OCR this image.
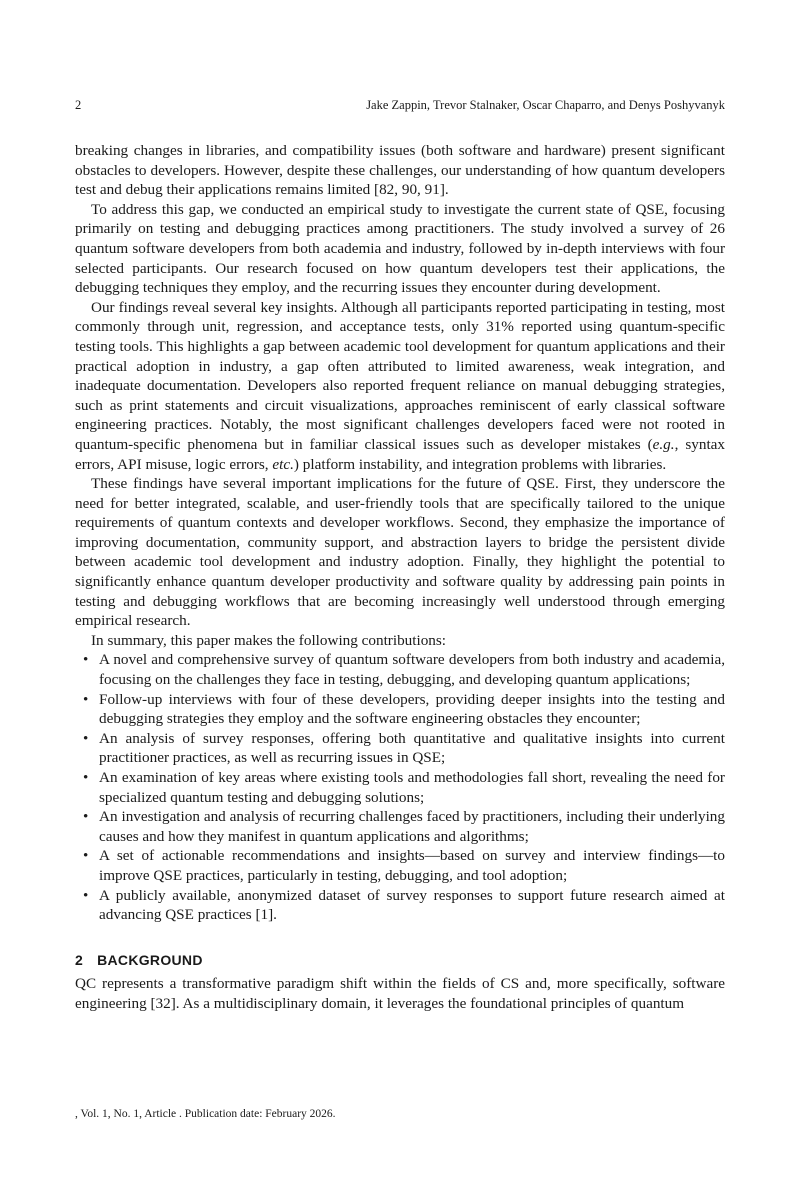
2	Jake Zappin, Trevor Stalnaker, Oscar Chaparro, and Denys Poshyvanyk

breaking changes in libraries, and compatibility issues (both software and hardware) present significant obstacles to developers. However, despite these challenges, our understanding of how quantum developers test and debug their applications remains limited [82, 90, 91].

To address this gap, we conducted an empirical study to investigate the current state of QSE, focusing primarily on testing and debugging practices among practitioners. The study involved a survey of 26 quantum software developers from both academia and industry, followed by in-depth interviews with four selected participants. Our research focused on how quantum developers test their applications, the debugging techniques they employ, and the recurring issues they encounter during development.

Our findings reveal several key insights. Although all participants reported participating in testing, most commonly through unit, regression, and acceptance tests, only 31% reported using quantum-specific testing tools. This highlights a gap between academic tool development for quantum applications and their practical adoption in industry, a gap often attributed to limited awareness, weak integration, and inadequate documentation. Developers also reported frequent reliance on manual debugging strategies, such as print statements and circuit visualizations, approaches reminiscent of early classical software engineering practices. Notably, the most significant challenges developers faced were not rooted in quantum-specific phenomena but in familiar classical issues such as developer mistakes (e.g., syntax errors, API misuse, logic errors, etc.) platform instability, and integration problems with libraries.

These findings have several important implications for the future of QSE. First, they underscore the need for better integrated, scalable, and user-friendly tools that are specifically tailored to the unique requirements of quantum contexts and developer workflows. Second, they emphasize the importance of improving documentation, community support, and abstraction layers to bridge the persistent divide between academic tool development and industry adoption. Finally, they highlight the potential to significantly enhance quantum developer productivity and software quality by addressing pain points in testing and debugging workflows that are becoming increasingly well understood through emerging empirical research.

In summary, this paper makes the following contributions:

• A novel and comprehensive survey of quantum software developers from both industry and academia, focusing on the challenges they face in testing, debugging, and developing quantum applications;
• Follow-up interviews with four of these developers, providing deeper insights into the testing and debugging strategies they employ and the software engineering obstacles they encounter;
• An analysis of survey responses, offering both quantitative and qualitative insights into current practitioner practices, as well as recurring issues in QSE;
• An examination of key areas where existing tools and methodologies fall short, revealing the need for specialized quantum testing and debugging solutions;
• An investigation and analysis of recurring challenges faced by practitioners, including their underlying causes and how they manifest in quantum applications and algorithms;
• A set of actionable recommendations and insights—based on survey and interview findings—to improve QSE practices, particularly in testing, debugging, and tool adoption;
• A publicly available, anonymized dataset of survey responses to support future research aimed at advancing QSE practices [1].
2 BACKGROUND

QC represents a transformative paradigm shift within the fields of CS and, more specifically, software engineering [32]. As a multidisciplinary domain, it leverages the foundational principles of quantum

, Vol. 1, No. 1, Article . Publication date: February 2026.
